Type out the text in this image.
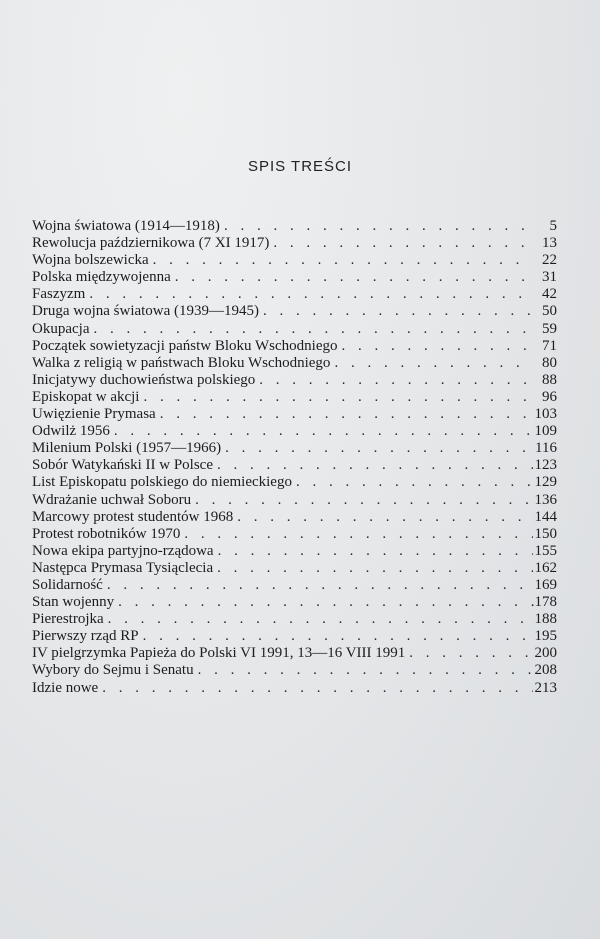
SPIS TREŚCI
Wojna światowa (1914—1918) . . .	5
Rewolucja październikowa (7 XI 1917) . . .	13
Wojna bolszewicka . . .	22
Polska międzywojenna . . .	31
Faszyzm . . .	42
Druga wojna światowa (1939—1945) . . .	50
Okupacja . . .	59
Początek sowietyzacji państw Bloku Wschodniego . . .	71
Walka z religią w państwach Bloku Wschodniego . . .	80
Inicjatywy duchowieństwa polskiego . . .	88
Episkopat w akcji . . .	96
Uwięzienie Prymasa . . .	103
Odwilż 1956 . . .	109
Milenium Polski (1957—1966) . . .	116
Sobór Watykański II w Polsce . . .	123
List Episkopatu polskiego do niemieckiego . . .	129
Wdrażanie uchwał Soboru . . .	136
Marcowy protest studentów 1968 . . .	144
Protest robotników 1970 . . .	150
Nowa ekipa partyjno-rządowa . . .	155
Następca Prymasa Tysiąclecia . . .	162
Solidarność . . .	169
Stan wojenny . . .	.178
Pierestrojka . . .	188
Pierwszy rząd RP . . .	195
IV pielgrzymka Papieża do Polski VI 1991, 13—16 VIII 1991 . . .	200
Wybory do Sejmu i Senatu . . .	208
Idzie nowe . . .	213
